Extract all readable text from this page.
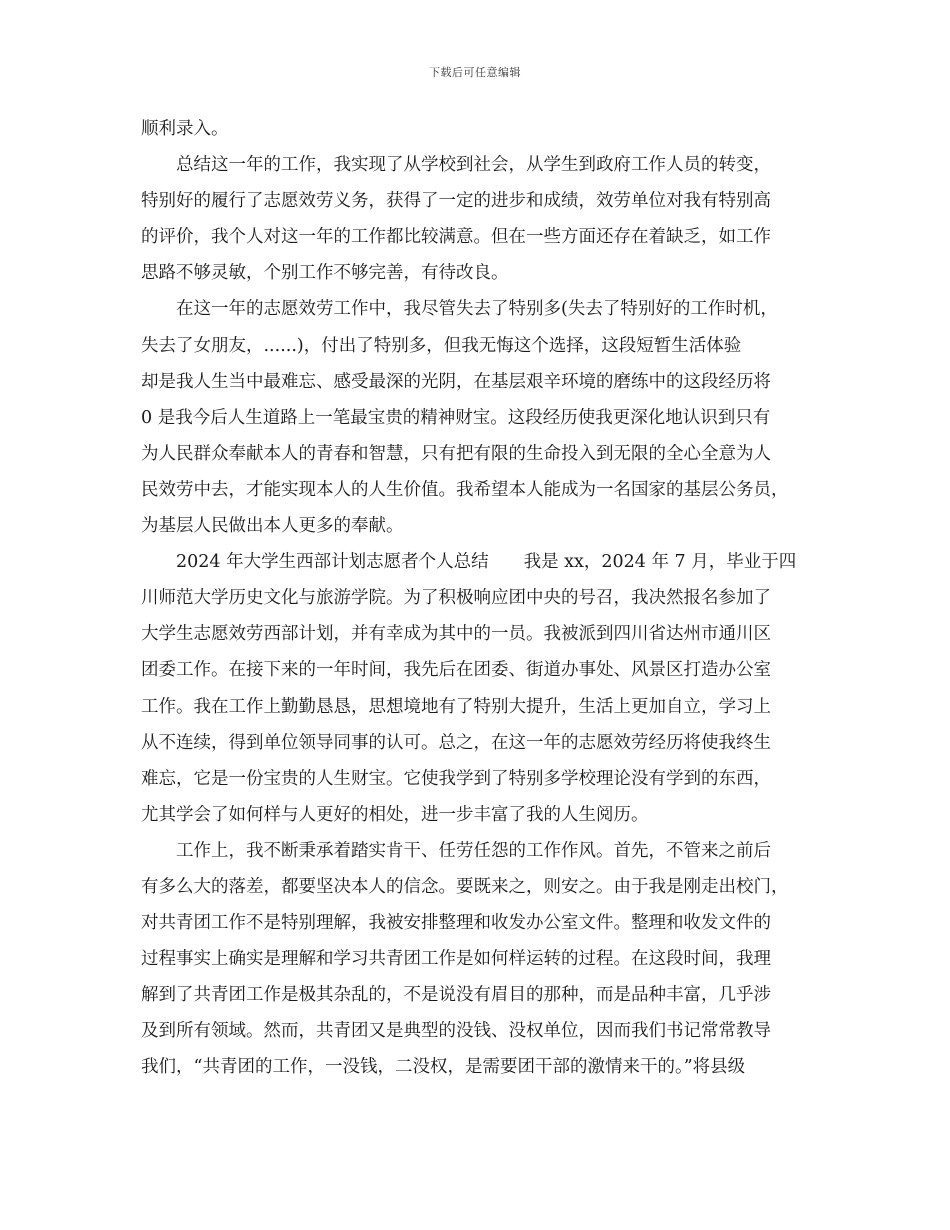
下载后可任意编辑
顺利录入。
总结这一年的工作，我实现了从学校到社会，从学生到政府工作人员的转变，
特别好的履行了志愿效劳义务，获得了一定的进步和成绩，效劳单位对我有特别高
的评价，我个人对这一年的工作都比较满意。但在一些方面还存在着缺乏，如工作
思路不够灵敏，个别工作不够完善，有待改良。
在这一年的志愿效劳工作中，我尽管失去了特别多(失去了特别好的工作时机，
失去了女朋友，......)，付出了特别多，但我无悔这个选择，这段短暂生活体验
却是我人生当中最难忘、感受最深的光阴，在基层艰辛环境的磨练中的这段经历将
0 是我今后人生道路上一笔最宝贵的精神财宝。这段经历使我更深化地认识到只有
为人民群众奉献本人的青春和智慧，只有把有限的生命投入到无限的全心全意为人
民效劳中去，才能实现本人的人生价值。我希望本人能成为一名国家的基层公务员，
为基层人民做出本人更多的奉献。
2024 年大学生西部计划志愿者个人总结　　我是 xx，2024 年 7 月，毕业于四
川师范大学历史文化与旅游学院。为了积极响应团中央的号召，我决然报名参加了
大学生志愿效劳西部计划，并有幸成为其中的一员。我被派到四川省达州市通川区
团委工作。在接下来的一年时间，我先后在团委、街道办事处、风景区打造办公室
工作。我在工作上勤勤恳恳，思想境地有了特别大提升，生活上更加自立，学习上
从不连续，得到单位领导同事的认可。总之，在这一年的志愿效劳经历将使我终生
难忘，它是一份宝贵的人生财宝。它使我学到了特别多学校理论没有学到的东西，
尤其学会了如何样与人更好的相处，进一步丰富了我的人生阅历。
工作上，我不断秉承着踏实肯干、任劳任怨的工作作风。首先，不管来之前后
有多么大的落差，都要坚决本人的信念。要既来之，则安之。由于我是刚走出校门，
对共青团工作不是特别理解，我被安排整理和收发办公室文件。整理和收发文件的
过程事实上确实是理解和学习共青团工作是如何样运转的过程。在这段时间，我理
解到了共青团工作是极其杂乱的，不是说没有眉目的那种，而是品种丰富，几乎涉
及到所有领域。然而，共青团又是典型的没钱、没权单位，因而我们书记常常教导
我们，“共青团的工作，一没钱，二没权，是需要团干部的激情来干的。”将县级
